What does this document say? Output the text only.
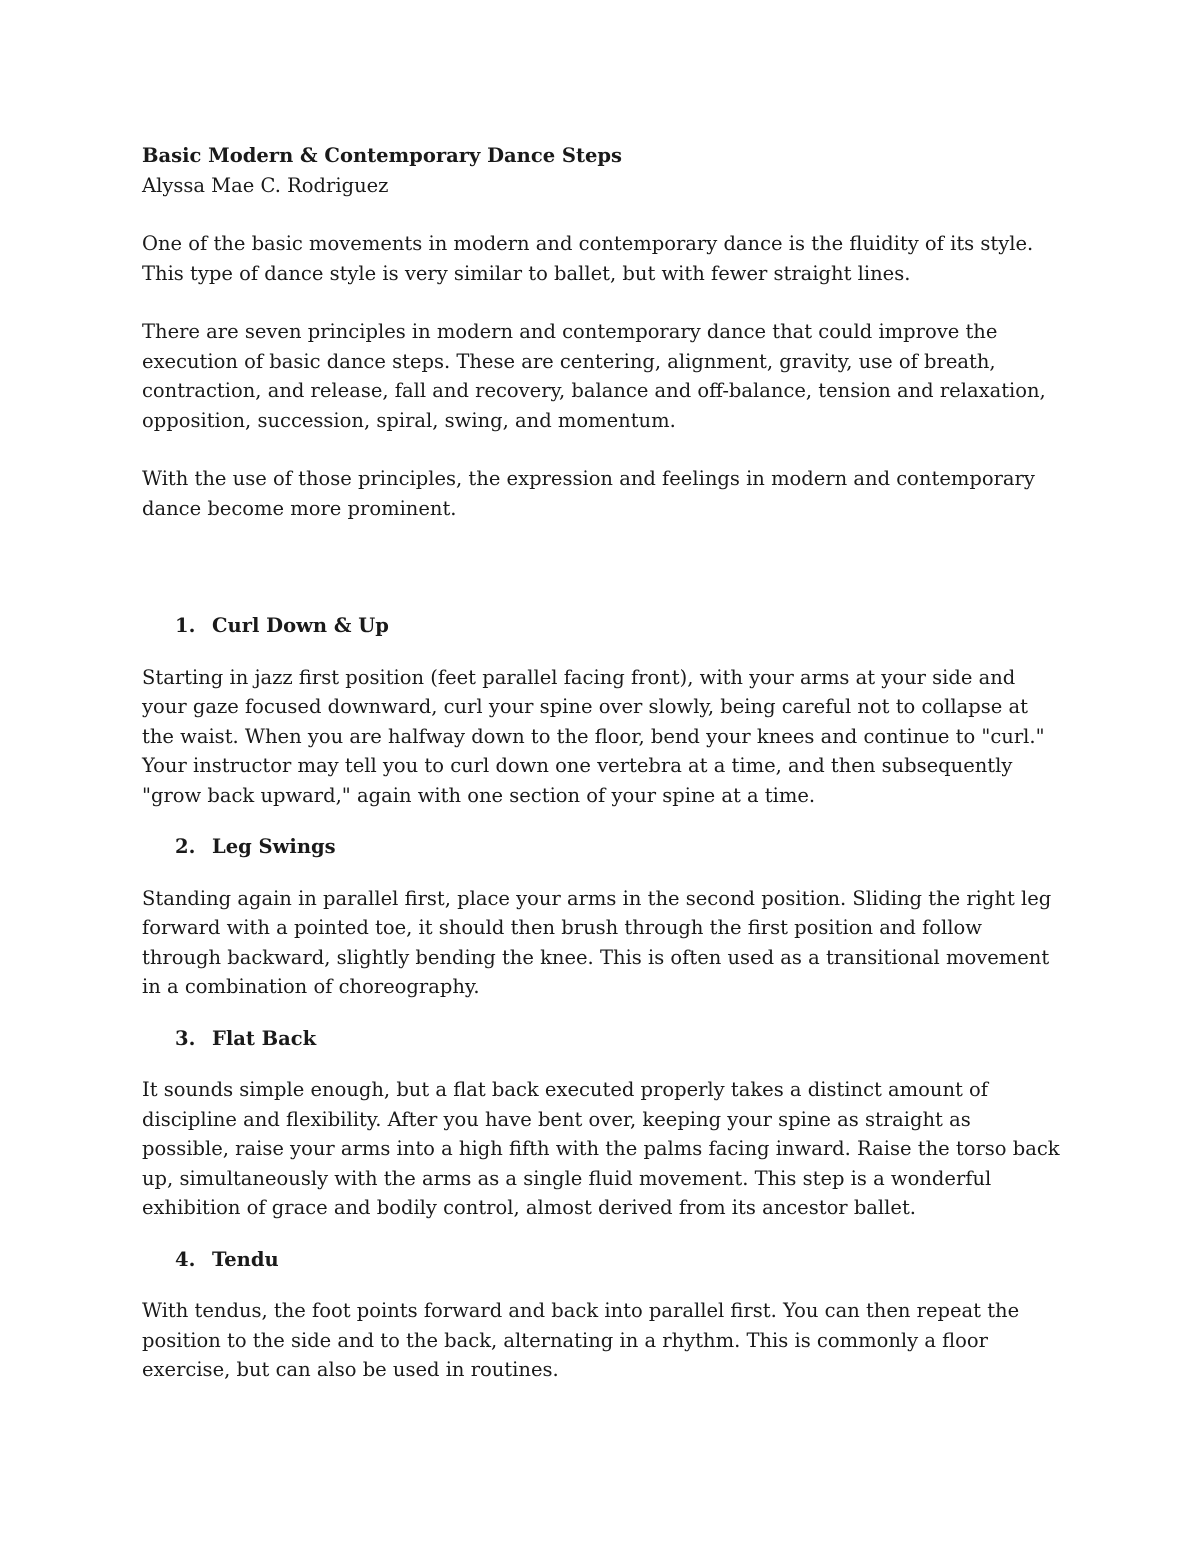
Basic Modern & Contemporary Dance Steps

Alyssa Mae C. Rodriguez

One of the basic movements in modern and contemporary dance is the fluidity of its style. This type of dance style is very similar to ballet, but with fewer straight lines.

There are seven principles in modern and contemporary dance that could improve the execution of basic dance steps. These are centering, alignment, gravity, use of breath, contraction, and release, fall and recovery, balance and off-balance, tension and relaxation, opposition, succession, spiral, swing, and momentum.

With the use of those principles, the expression and feelings in modern and contemporary dance become more prominent.

1. Curl Down & Up

Starting in jazz first position (feet parallel facing front), with your arms at your side and your gaze focused downward, curl your spine over slowly, being careful not to collapse at the waist. When you are halfway down to the floor, bend your knees and continue to "curl." Your instructor may tell you to curl down one vertebra at a time, and then subsequently "grow back upward," again with one section of your spine at a time.

2. Leg Swings

Standing again in parallel first, place your arms in the second position. Sliding the right leg forward with a pointed toe, it should then brush through the first position and follow through backward, slightly bending the knee. This is often used as a transitional movement in a combination of choreography.

3. Flat Back

It sounds simple enough, but a flat back executed properly takes a distinct amount of discipline and flexibility. After you have bent over, keeping your spine as straight as possible, raise your arms into a high fifth with the palms facing inward. Raise the torso back up, simultaneously with the arms as a single fluid movement. This step is a wonderful exhibition of grace and bodily control, almost derived from its ancestor ballet.

4. Tendu

With tendus, the foot points forward and back into parallel first. You can then repeat the position to the side and to the back, alternating in a rhythm. This is commonly a floor exercise, but can also be used in routines.
